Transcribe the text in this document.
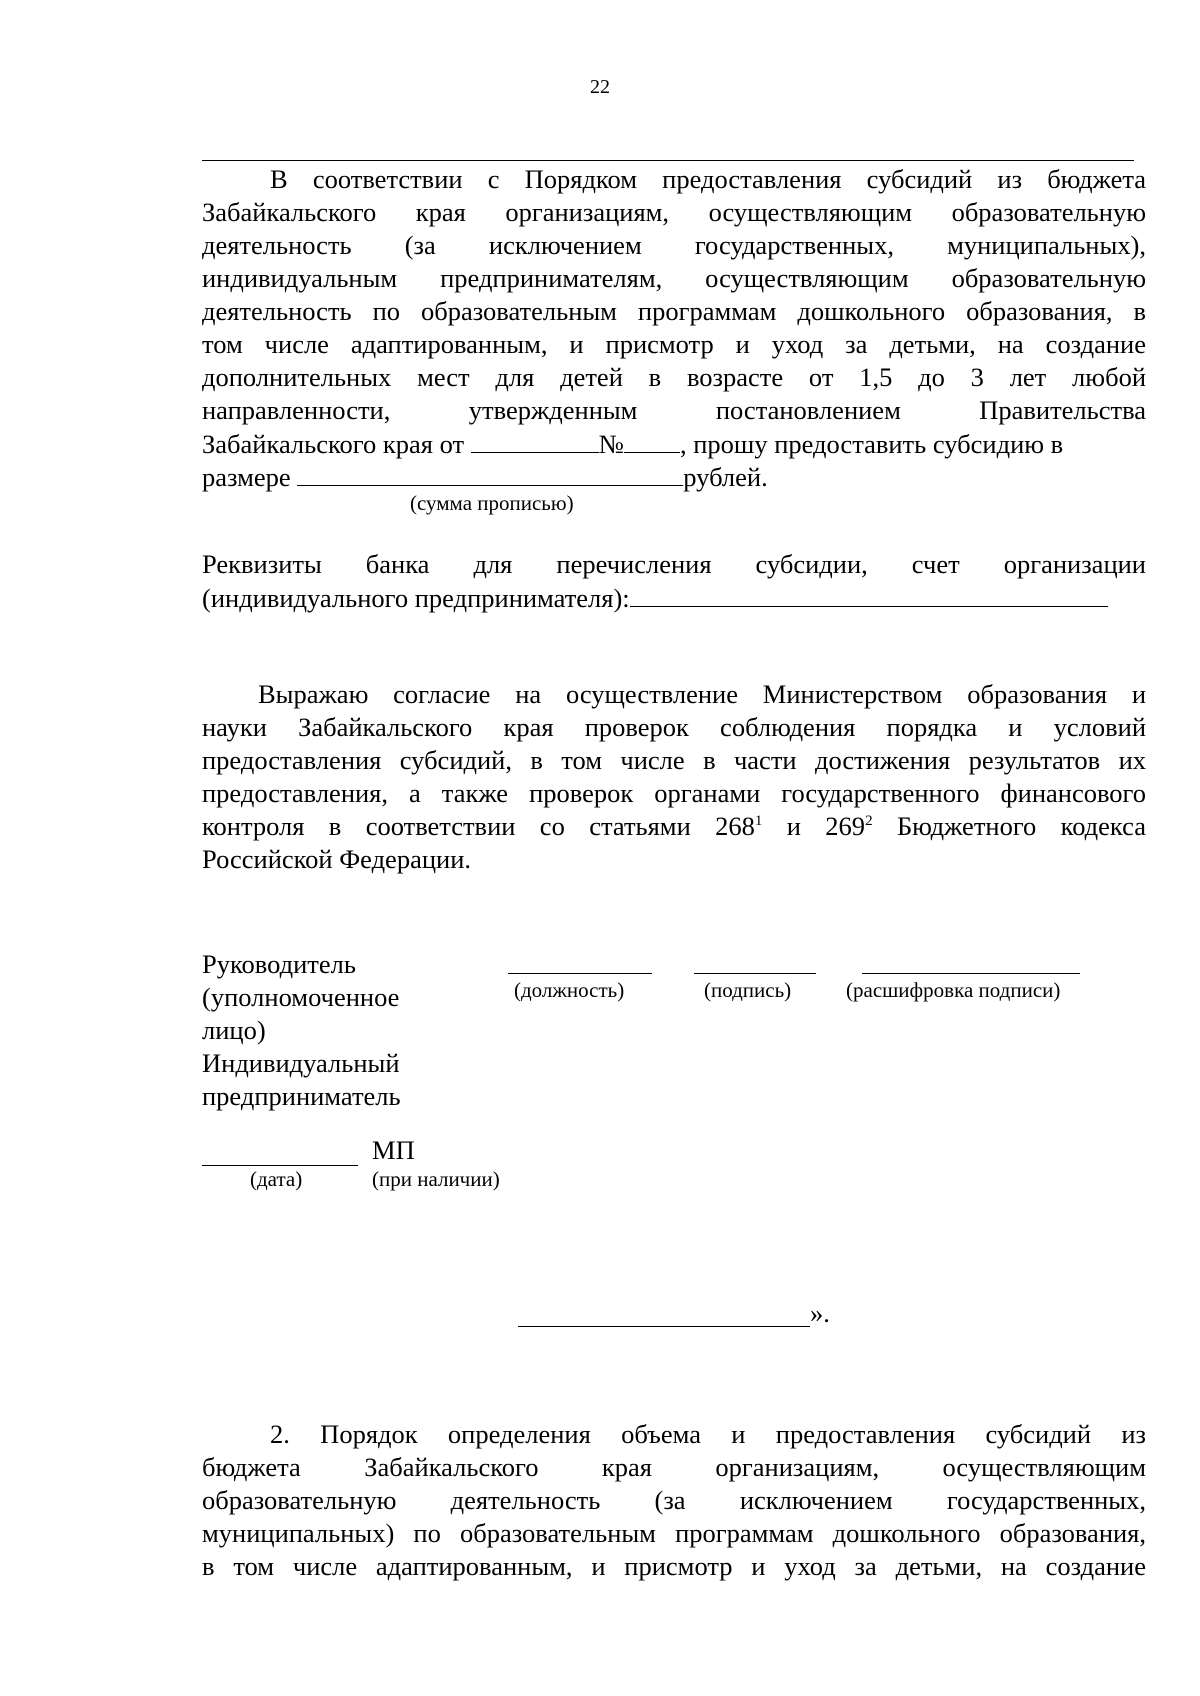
22
В соответствии с Порядком предоставления субсидий из бюджета
Забайкальского края организациям, осуществляющим образовательную
деятельность (за исключением государственных, муниципальных),
индивидуальным предпринимателям, осуществляющим образовательную
деятельность по образовательным программам дошкольного образования, в
том числе адаптированным, и присмотр и уход за детьми, на создание
дополнительных мест для детей в возрасте от 1,5 до 3 лет любой
направленности, утвержденным постановлением Правительства
Забайкальского края от	№ , прошу предоставить субсидию в
размере	рублей.
(сумма прописью)
Реквизиты банка для перечисления субсидии, счет организации
(индивидуального предпринимателя):
Выражаю согласие на осуществление Министерством образования и
науки Забайкальского края проверок соблюдения порядка и условий
предоставления субсидий, в том числе в части достижения результатов их
предоставления, а также проверок органами государственного финансового
контроля в соответствии со статьями $268^1$ и $269^2$ Бюджетного кодекса
Российской Федерации.
Руководитель
(уполномоченное
лицо)
Индивидуальный
предприниматель
(должность)	(подпись)	(расшифровка подписи)
МП
(дата)	(при наличии)
».
2. Порядок определения объема и предоставления субсидий из
бюджета Забайкальского края организациям, осуществляющим
образовательную деятельность (за исключением государственных,
муниципальных) по образовательным программам дошкольного образования,
в том числе адаптированным, и присмотр и уход за детьми, на создание
